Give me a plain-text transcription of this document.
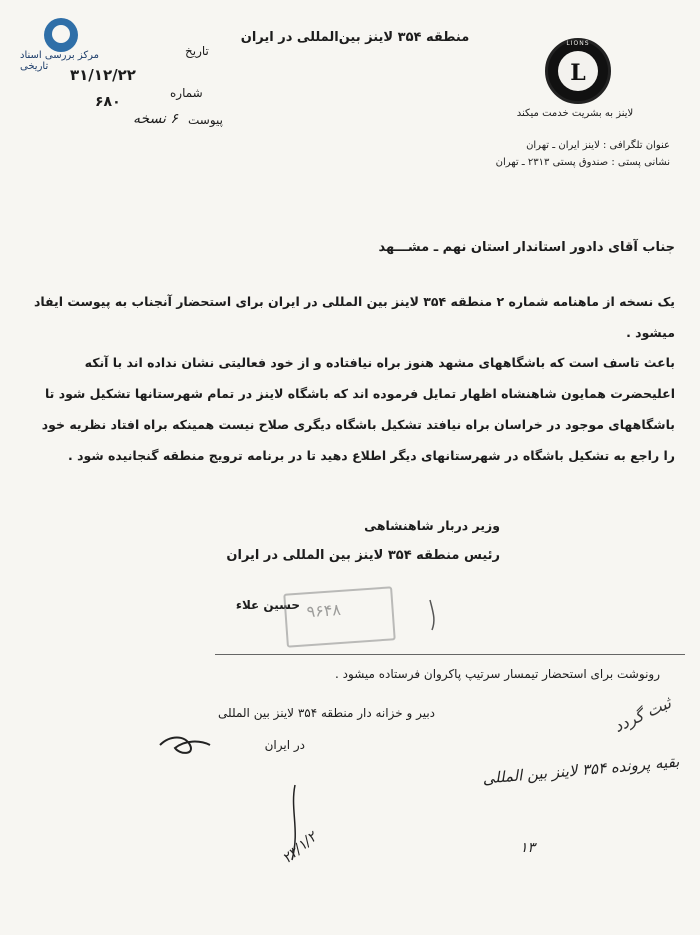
مرکز بررسی اسناد تاریخی
منطقه ۳۵۴ لاینز بین‌المللی در ایران	LIONS
L
لاینز به بشریت خدمت میکند
عنوان تلگرافی : لاینز ایران ـ تهران
نشانی پستی : صندوق پستی ۲۳۱۳ ـ تهران
تاریخ
۳۱/۱۲/۲۲
شماره
۶۸۰
پیوست
۶ نسخه
جناب آقای دادور استاندار استان نهم ـ مشـــهد
یک نسخه از ماهنامه شماره ۲ منطقه ۳۵۴ لاینز بین المللی در ایران برای استحضار آنجناب به پیوست ایفاد میشود .
باعث تاسف است که باشگاههای مشهد هنوز براه نیافتاده و از خود فعالیتی نشان نداده اند با آنکه اعلیحضرت همایون شاهنشاه اظهار تمایل فرموده اند که باشگاه لاینز در تمام شهرستانها تشکیل شود تا باشگاههای موجود در خراسان براه نیافتد تشکیل باشگاه دیگری صلاح نیست همینکه براه افتاد نظریه خود را راجع به تشکیل باشگاه در شهرستانهای دیگر اطلاع دهید تا در برنامه ترویج منطقه گنجانیده شود .
وزیر دربار شاهنشاهی
رئیس منطقه ۳۵۴ لاینز بین المللی در ایران
حسین علاء ۹۶۴۸
رونوشت برای استحضار تیمسار سرتیپ پاکروان فرستاده میشود .
دبیر و خزانه دار منطقه ۳۵۴ لاینز بین المللی
در ایران
ثبت گردد
بقیه پرونده ۳۵۴ لاینز بین المللی
۲۳/۱/۲	۱۳
